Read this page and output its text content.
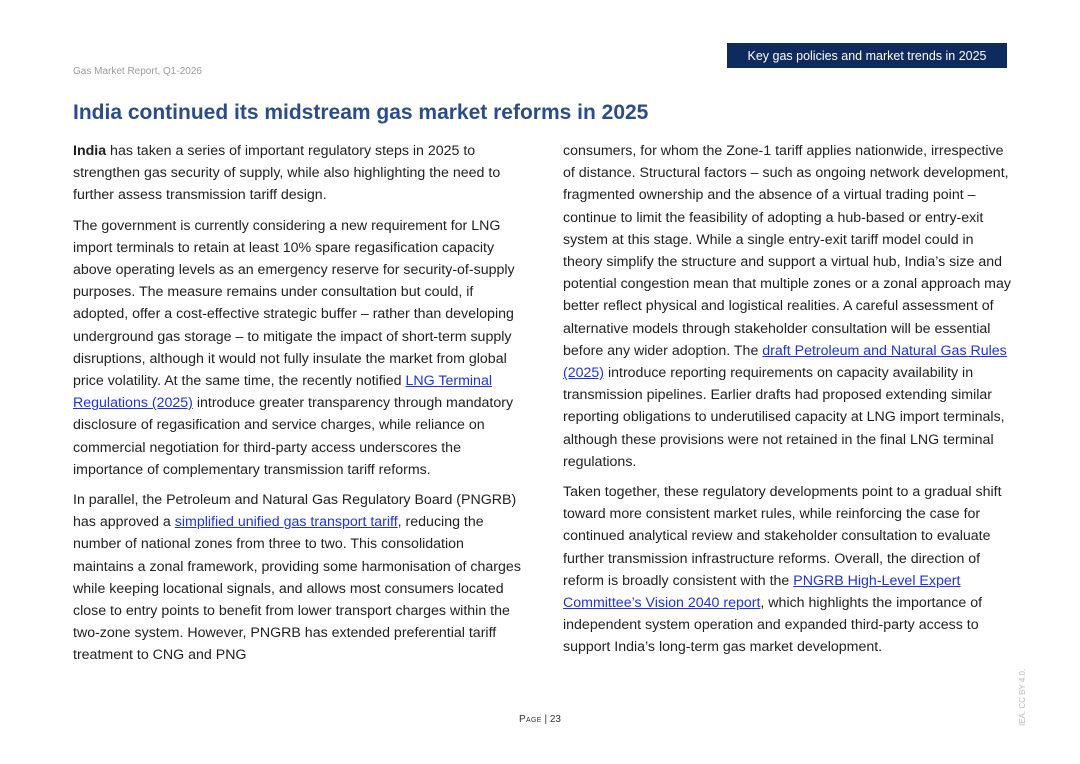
Key gas policies and market trends in 2025
Gas Market Report, Q1-2026
India continued its midstream gas market reforms in 2025

India has taken a series of important regulatory steps in 2025 to strengthen gas security of supply, while also highlighting the need to further assess transmission tariff design.

The government is currently considering a new requirement for LNG import terminals to retain at least 10% spare regasification capacity above operating levels as an emergency reserve for security-of-supply purposes. The measure remains under consultation but could, if adopted, offer a cost-effective strategic buffer – rather than developing underground gas storage – to mitigate the impact of short-term supply disruptions, although it would not fully insulate the market from global price volatility. At the same time, the recently notified LNG Terminal Regulations (2025) introduce greater transparency through mandatory disclosure of regasification and service charges, while reliance on commercial negotiation for third-party access underscores the importance of complementary transmission tariff reforms.

In parallel, the Petroleum and Natural Gas Regulatory Board (PNGRB) has approved a simplified unified gas transport tariff, reducing the number of national zones from three to two. This consolidation maintains a zonal framework, providing some harmonisation of charges while keeping locational signals, and allows most consumers located close to entry points to benefit from lower transport charges within the two-zone system. However, PNGRB has extended preferential tariff treatment to CNG and PNG

consumers, for whom the Zone-1 tariff applies nationwide, irrespective of distance. Structural factors – such as ongoing network development, fragmented ownership and the absence of a virtual trading point – continue to limit the feasibility of adopting a hub-based or entry-exit system at this stage. While a single entry-exit tariff model could in theory simplify the structure and support a virtual hub, India’s size and potential congestion mean that multiple zones or a zonal approach may better reflect physical and logistical realities. A careful assessment of alternative models through stakeholder consultation will be essential before any wider adoption. The draft Petroleum and Natural Gas Rules (2025) introduce reporting requirements on capacity availability in transmission pipelines. Earlier drafts had proposed extending similar reporting obligations to underutilised capacity at LNG import terminals, although these provisions were not retained in the final LNG terminal regulations.

Taken together, these regulatory developments point to a gradual shift toward more consistent market rules, while reinforcing the case for continued analytical review and stakeholder consultation to evaluate further transmission infrastructure reforms. Overall, the direction of reform is broadly consistent with the PNGRB High-Level Expert Committee’s Vision 2040 report, which highlights the importance of independent system operation and expanded third-party access to support India’s long-term gas market development.

Page | 23	IEA. CC BY 4.0.
